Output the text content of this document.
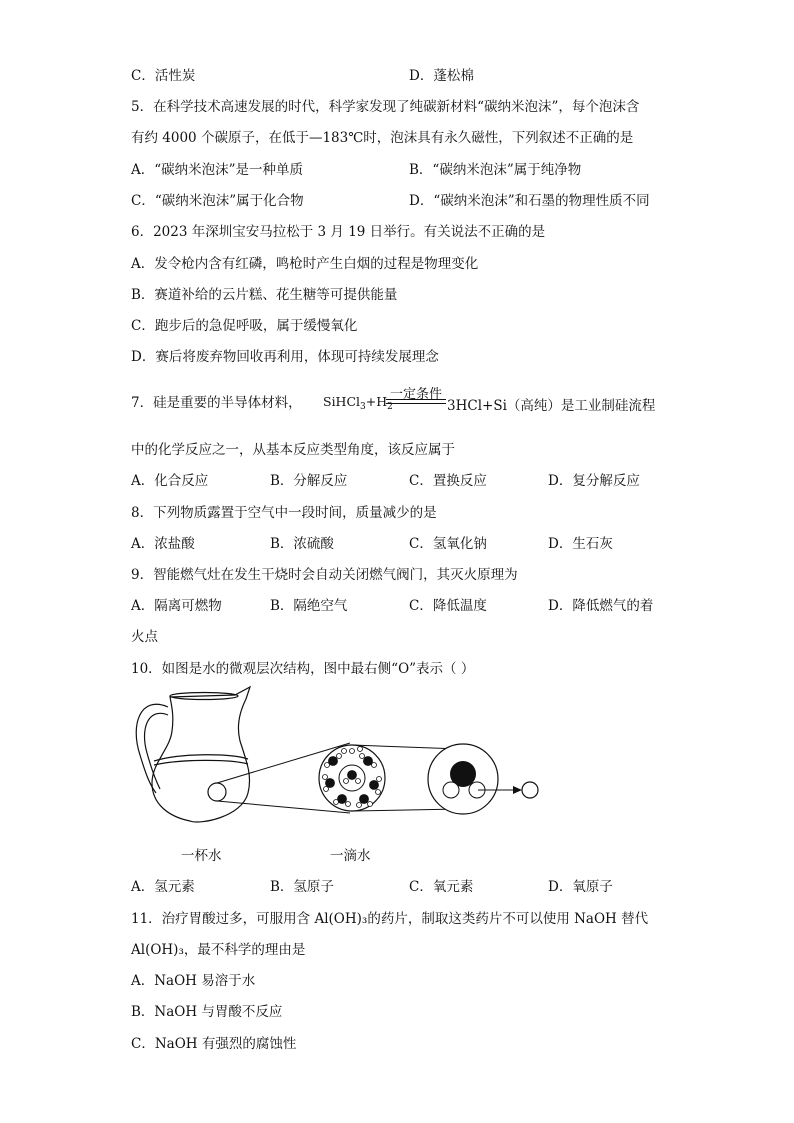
C．活性炭	D．蓬松棉
5．在科学技术高速发展的时代，科学家发现了纯碳新材料“碳纳米泡沫”，每个泡沫含
有约 4000 个碳原子，在低于—183℃时，泡沫具有永久磁性，下列叙述不正确的是
A．“碳纳米泡沫”是一种单质	B．“碳纳米泡沫”属于纯净物
C．“碳纳米泡沫”属于化合物	D．“碳纳米泡沫”和石墨的物理性质不同
6．2023 年深圳宝安马拉松于 3 月 19 日举行。有关说法不正确的是
A．发令枪内含有红磷，鸣枪时产生白烟的过程是物理变化
B．赛道补给的云片糕、花生糖等可提供能量
C．跑步后的急促呼吸，属于缓慢氧化
D．赛后将废弃物回收再利用，体现可持续发展理念
7．硅是重要的半导体材料， $SiHCl_3+H_2$
一定条件
3HCl+Si（高纯）是工业制硅流程
中的化学反应之一，从基本反应类型角度，该反应属于
A．化合反应	B．分解反应	C．置换反应	D．复分解反应
8．下列物质露置于空气中一段时间，质量减少的是
A．浓盐酸	B．浓硫酸	C．氢氧化钠	D．生石灰
9．智能燃气灶在发生干烧时会自动关闭燃气阀门，其灭火原理为
A．隔离可燃物	B．隔绝空气	C．降低温度	D．降低燃气的着
火点
10．如图是水的微观层次结构，图中最右侧“O”表示（ ）
一杯水	一滴水
A．氢元素	B．氢原子	C．氧元素	D．氧原子
11．治疗胃酸过多，可服用含 Al(OH)₃的药片，制取这类药片不可以使用 NaOH 替代
Al(OH)₃，最不科学的理由是
A．NaOH 易溶于水
B．NaOH 与胃酸不反应
C．NaOH 有强烈的腐蚀性
